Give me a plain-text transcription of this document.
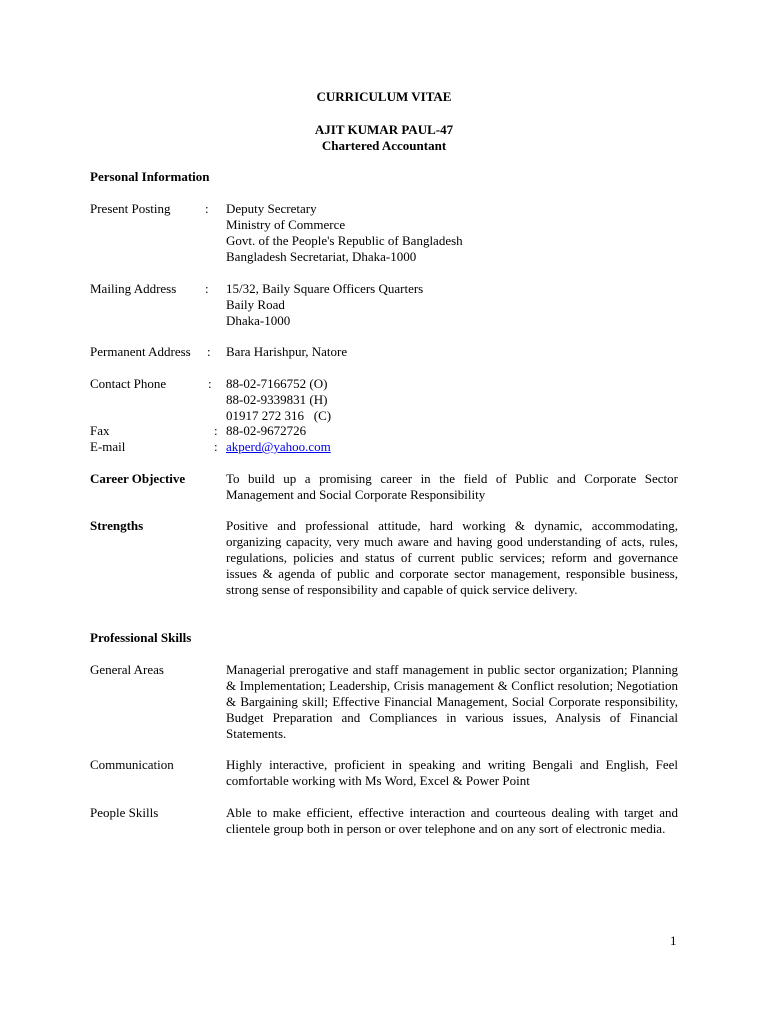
CURRICULUM VITAE
AJIT KUMAR PAUL-47
Chartered Accountant
Personal Information
Present Posting	: Deputy Secretary
Ministry of Commerce
Govt. of the People's Republic of Bangladesh
Bangladesh Secretariat, Dhaka-1000
Mailing Address : 15/32, Baily Square Officers Quarters
Baily Road
Dhaka-1000
Permanent Address : Bara Harishpur, Natore
Contact Phone	: 88-02-7166752 (O)
88-02-9339831 (H)
01917 272 316   (C)
Fax	: 88-02-9672726
E-mail	: akperd@yahoo.com
Career Objective	To build up a promising career in the field of Public and Corporate Sector Management and Social Corporate Responsibility
Strengths	Positive and professional attitude, hard working & dynamic, accommodating, organizing capacity, very much aware and having good understanding of acts, rules, regulations, policies and status of current public services; reform and governance issues & agenda of public and corporate sector management, responsible business, strong sense of responsibility and capable of quick service delivery.
Professional Skills
General Areas	Managerial prerogative and staff management in public sector organization; Planning & Implementation; Leadership, Crisis management & Conflict resolution; Negotiation & Bargaining skill; Effective Financial Management, Social Corporate responsibility, Budget Preparation and Compliances in various issues, Analysis of Financial Statements.
Communication	Highly interactive, proficient in speaking and writing Bengali and English, Feel comfortable working with Ms Word, Excel & Power Point
People Skills	Able to make efficient, effective interaction and courteous dealing with target and clientele group both in person or over telephone and on any sort of electronic media.
1
